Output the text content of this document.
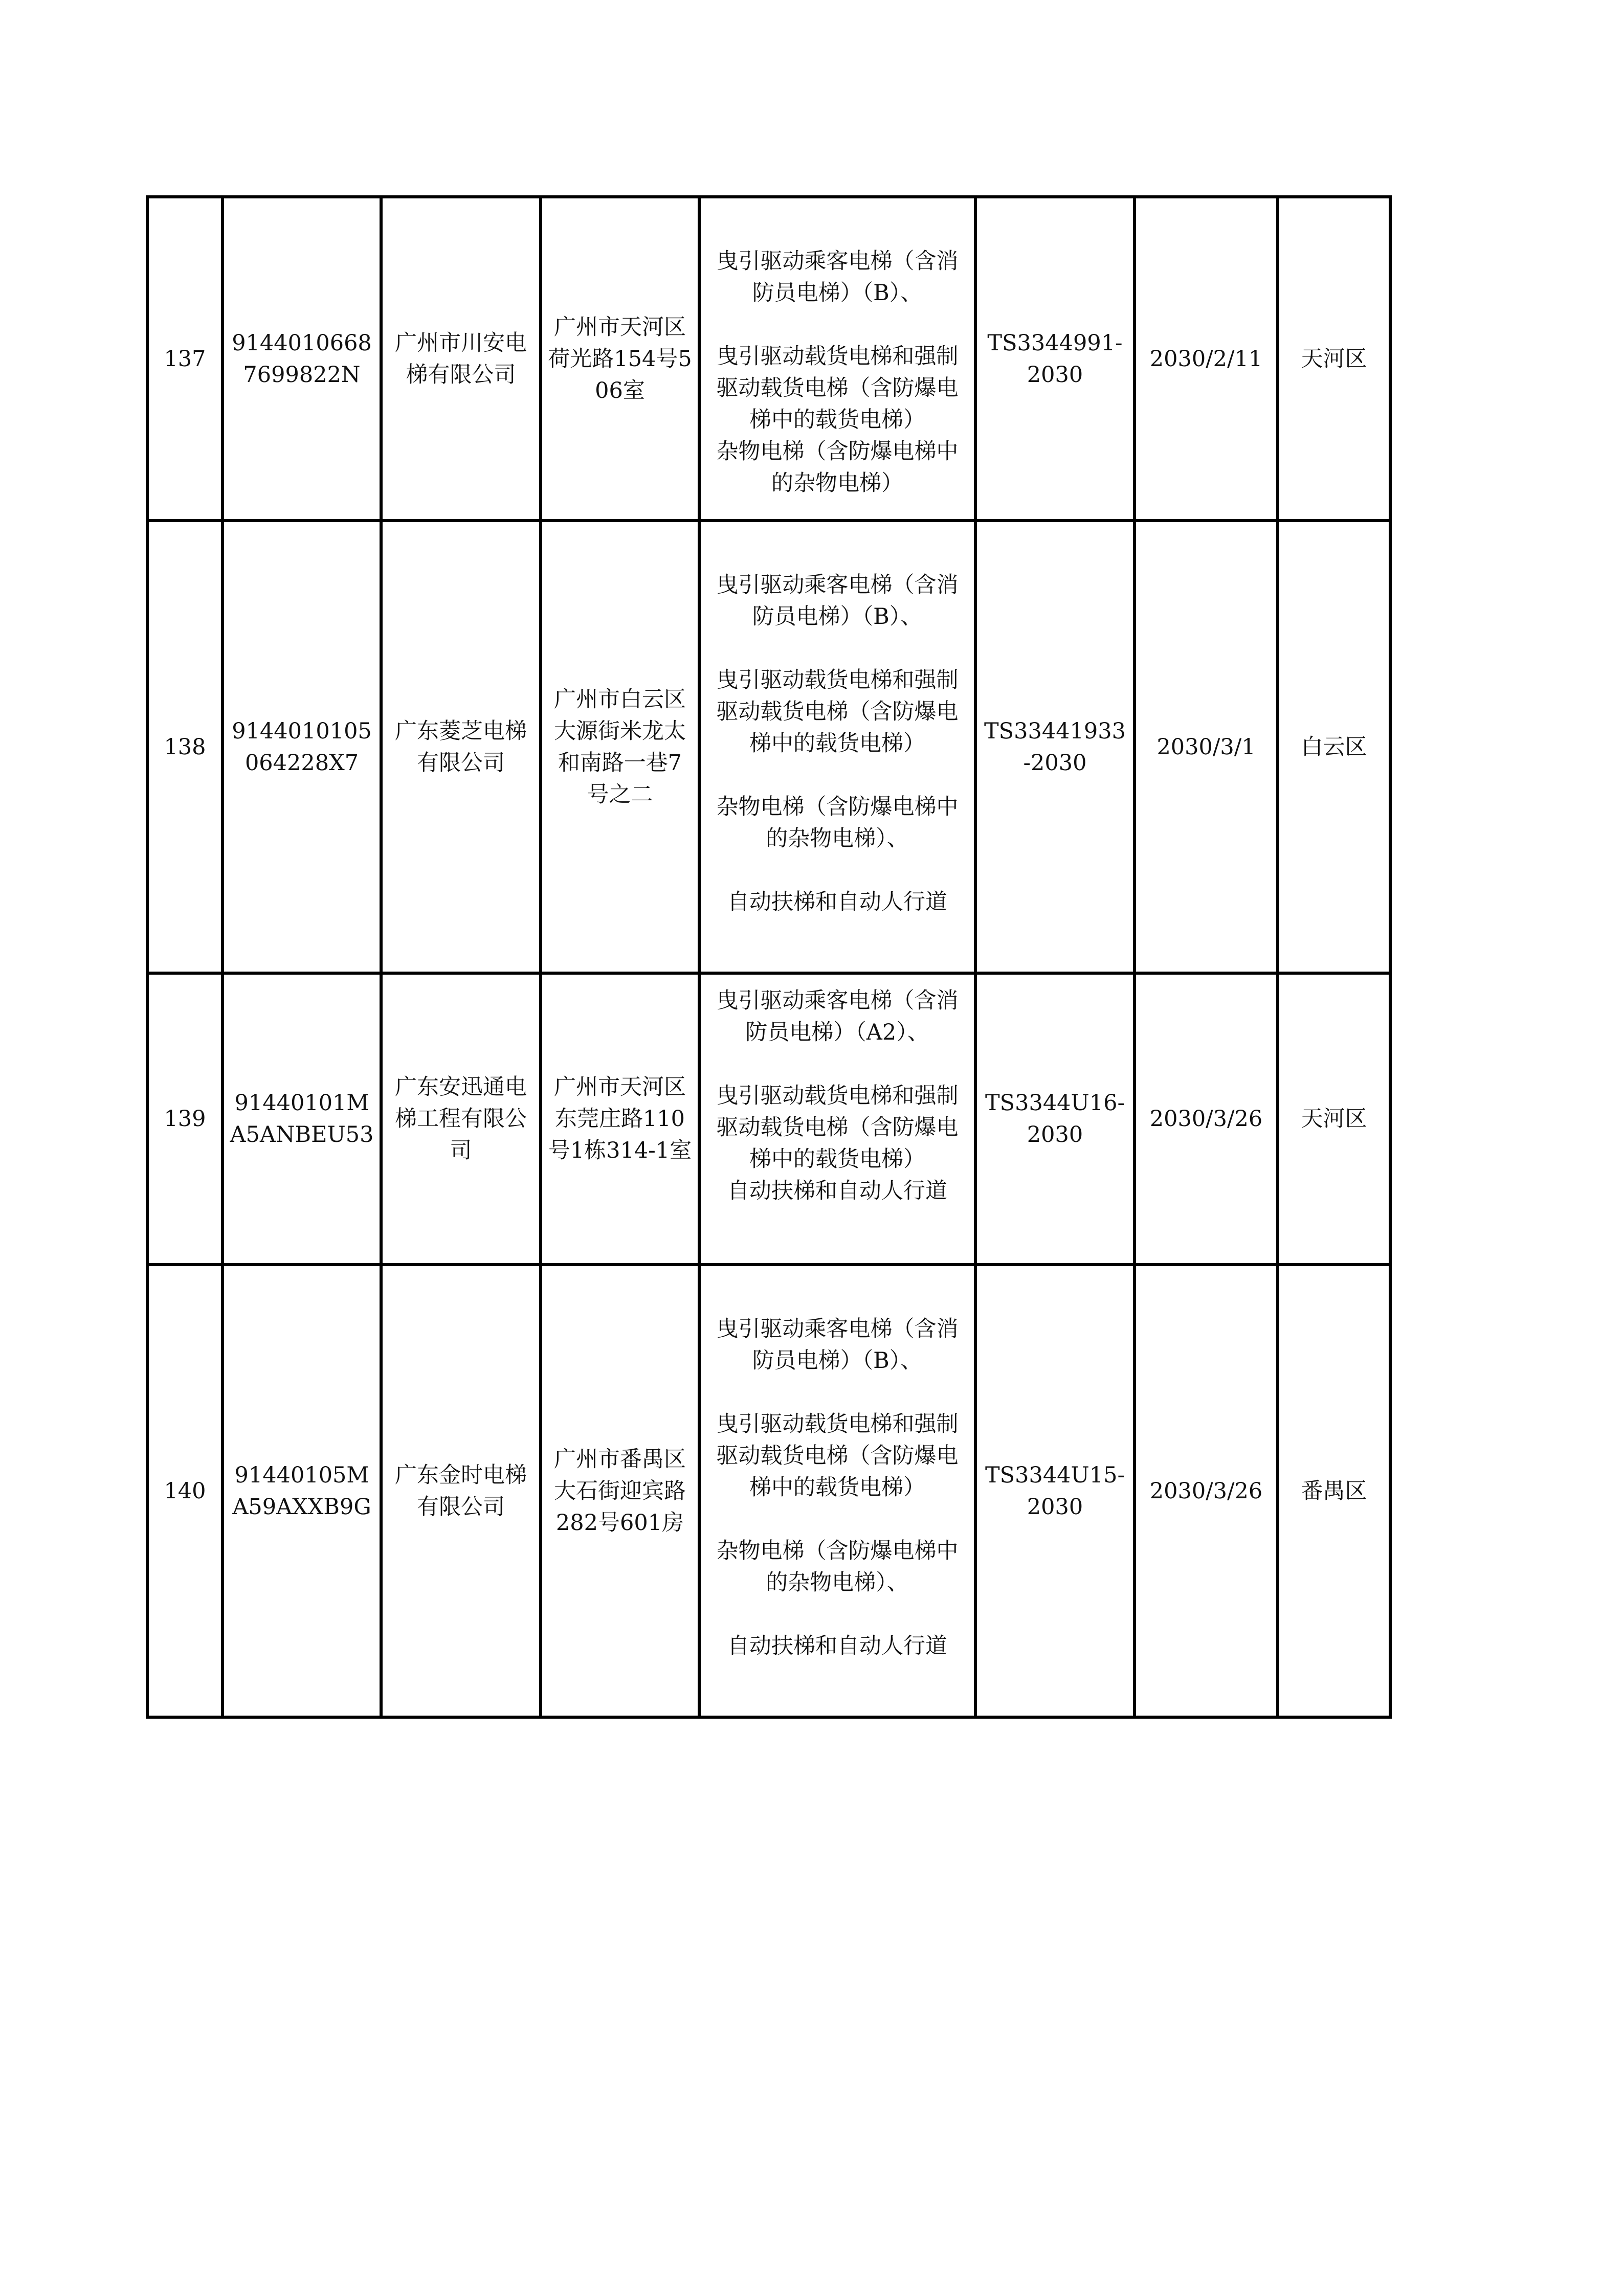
137	91440106687699822N	广州市川安电梯有限公司	广州市天河区荷光路154号506室	曳引驱动乘客电梯（含消防员电梯）（B）、
曳引驱动载货电梯和强制驱动载货电梯（含防爆电梯中的载货电梯）
杂物电梯（含防爆电梯中的杂物电梯）	TS3344991-2030	2030/2/11	天河区
138	9144010105064228X7	广东菱芝电梯有限公司	广州市白云区大源街米龙太和南路一巷7号之二	曳引驱动乘客电梯（含消防员电梯）（B）、
曳引驱动载货电梯和强制驱动载货电梯（含防爆电梯中的载货电梯）
杂物电梯（含防爆电梯中的杂物电梯）、
自动扶梯和自动人行道	TS33441933-2030	2030/3/1	白云区
139	91440101MA5ANBEU53	广东安迅通电梯工程有限公司	广州市天河区东莞庄路110号1栋314-1室	曳引驱动乘客电梯（含消防员电梯）（A2）、
曳引驱动载货电梯和强制驱动载货电梯（含防爆电梯中的载货电梯）
自动扶梯和自动人行道	TS3344U16-2030	2030/3/26	天河区
140	91440105MA59AXXB9G	广东金时电梯有限公司	广州市番禺区大石街迎宾路282号601房	曳引驱动乘客电梯（含消防员电梯）（B）、
曳引驱动载货电梯和强制驱动载货电梯（含防爆电梯中的载货电梯）
杂物电梯（含防爆电梯中的杂物电梯）、
自动扶梯和自动人行道	TS3344U15-2030	2030/3/26	番禺区
